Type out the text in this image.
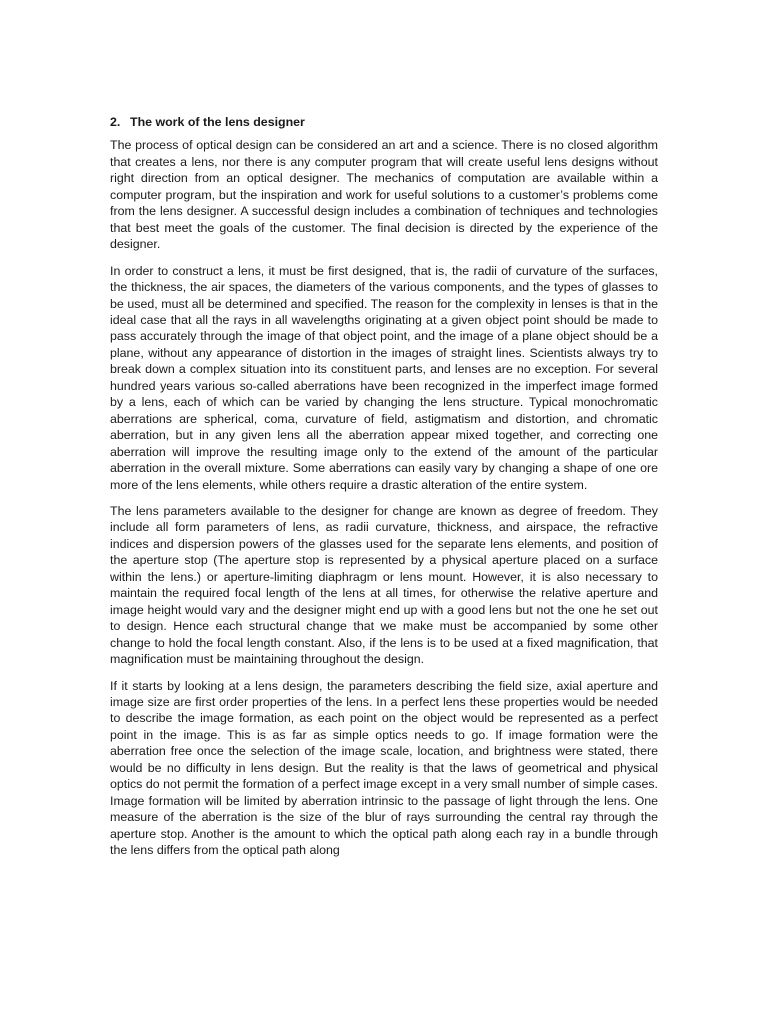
2. The work of the lens designer

The process of optical design can be considered an art and a science. There is no closed algorithm that creates a lens, nor there is any computer program that will create useful lens designs without right direction from an optical designer. The mechanics of computation are available within a computer program, but the inspiration and work for useful solutions to a customer’s problems come from the lens designer. A successful design includes a combination of techniques and technologies that best meet the goals of the customer. The final decision is directed by the experience of the designer.

In order to construct a lens, it must be first designed, that is, the radii of curvature of the surfaces, the thickness, the air spaces, the diameters of the various components, and the types of glasses to be used, must all be determined and specified. The reason for the complexity in lenses is that in the ideal case that all the rays in all wavelengths originating at a given object point should be made to pass accurately through the image of that object point, and the image of a plane object should be a plane, without any appearance of distortion in the images of straight lines. Scientists always try to break down a complex situation into its constituent parts, and lenses are no exception. For several hundred years various so-called aberrations have been recognized in the imperfect image formed by a lens, each of which can be varied by changing the lens structure. Typical monochromatic aberrations are spherical, coma, curvature of field, astigmatism and distortion, and chromatic aberration, but in any given lens all the aberration appear mixed together, and correcting one aberration will improve the resulting image only to the extend of the amount of the particular aberration in the overall mixture. Some aberrations can easily vary by changing a shape of one ore more of the lens elements, while others require a drastic alteration of the entire system.

The lens parameters available to the designer for change are known as degree of freedom. They include all form parameters of lens, as radii curvature, thickness, and airspace, the refractive indices and dispersion powers of the glasses used for the separate lens elements, and position of the aperture stop (The aperture stop is represented by a physical aperture placed on a surface within the lens.) or aperture-limiting diaphragm or lens mount. However, it is also necessary to maintain the required focal length of the lens at all times, for otherwise the relative aperture and image height would vary and the designer might end up with a good lens but not the one he set out to design. Hence each structural change that we make must be accompanied by some other change to hold the focal length constant. Also, if the lens is to be used at a fixed magnification, that magnification must be maintaining throughout the design.

If it starts by looking at a lens design, the parameters describing the field size, axial aperture and image size are first order properties of the lens. In a perfect lens these properties would be needed to describe the image formation, as each point on the object would be represented as a perfect point in the image. This is as far as simple optics needs to go. If image formation were the aberration free once the selection of the image scale, location, and brightness were stated, there would be no difficulty in lens design. But the reality is that the laws of geometrical and physical optics do not permit the formation of a perfect image except in a very small number of simple cases. Image formation will be limited by aberration intrinsic to the passage of light through the lens. One measure of the aberration is the size of the blur of rays surrounding the central ray through the aperture stop. Another is the amount to which the optical path along each ray in a bundle through the lens differs from the optical path along
